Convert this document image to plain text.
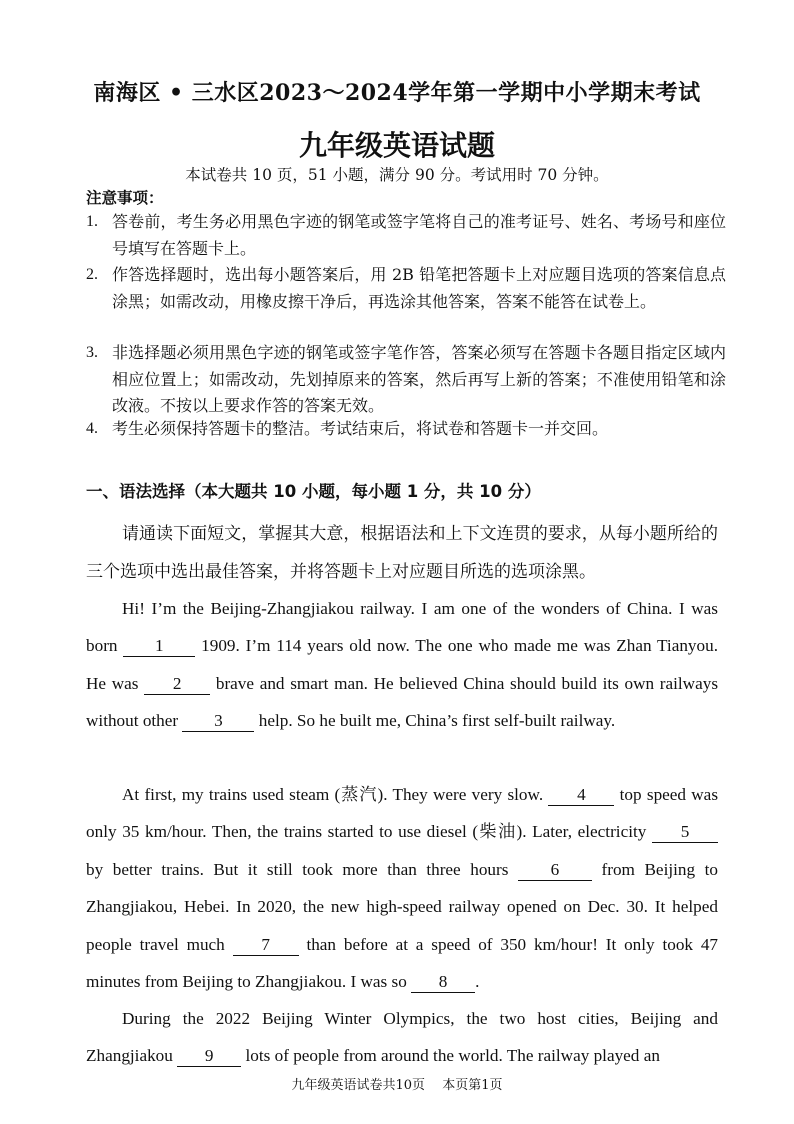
南海区 • 三水区2023～2024学年第一学期中小学期末考试
九年级英语试题
本试卷共 10 页，51 小题，满分 90 分。考试用时 70 分钟。
注意事项：
1. 答卷前，考生务必用黑色字迹的钢笔或签字笔将自己的准考证号、姓名、考场号和座位号填写在答题卡上。
2. 作答选择题时，选出每小题答案后，用 2B 铅笔把答题卡上对应题目选项的答案信息点涂黑；如需改动，用橡皮擦干净后，再选涂其他答案，答案不能答在试卷上。
3. 非选择题必须用黑色字迹的钢笔或签字笔作答，答案必须写在答题卡各题目指定区域内相应位置上；如需改动，先划掉原来的答案，然后再写上新的答案；不准使用铅笔和涂改液。不按以上要求作答的答案无效。
4. 考生必须保持答题卡的整洁。考试结束后，将试卷和答题卡一并交回。
一、语法选择（本大题共 10 小题，每小题 1 分，共 10 分）
请通读下面短文，掌握其大意，根据语法和上下文连贯的要求，从每小题所给的三个选项中选出最佳答案，并将答题卡上对应题目所选的选项涂黑。
Hi! I’m the Beijing-Zhangjiakou railway. I am one of the wonders of China. I was born 1 1909. I’m 114 years old now. The one who made me was Zhan Tianyou. He was 2 brave and smart man. He believed China should build its own railways without other 3 help. So he built me, China’s first self-built railway.
At first, my trains used steam (蒸汽). They were very slow. 4 top speed was only 35 km/hour. Then, the trains started to use diesel (柴油). Later, electricity 5 by better trains. But it still took more than three hours 6 from Beijing to Zhangjiakou, Hebei. In 2020, the new high-speed railway opened on Dec. 30. It helped people travel much 7 than before at a speed of 350 km/hour! It only took 47 minutes from Beijing to Zhangjiakou. I was so 8 .
During the 2022 Beijing Winter Olympics, the two host cities, Beijing and Zhangjiakou 9 lots of people from around the world. The railway played an
九年级英语试卷共10页　 本页第1页
